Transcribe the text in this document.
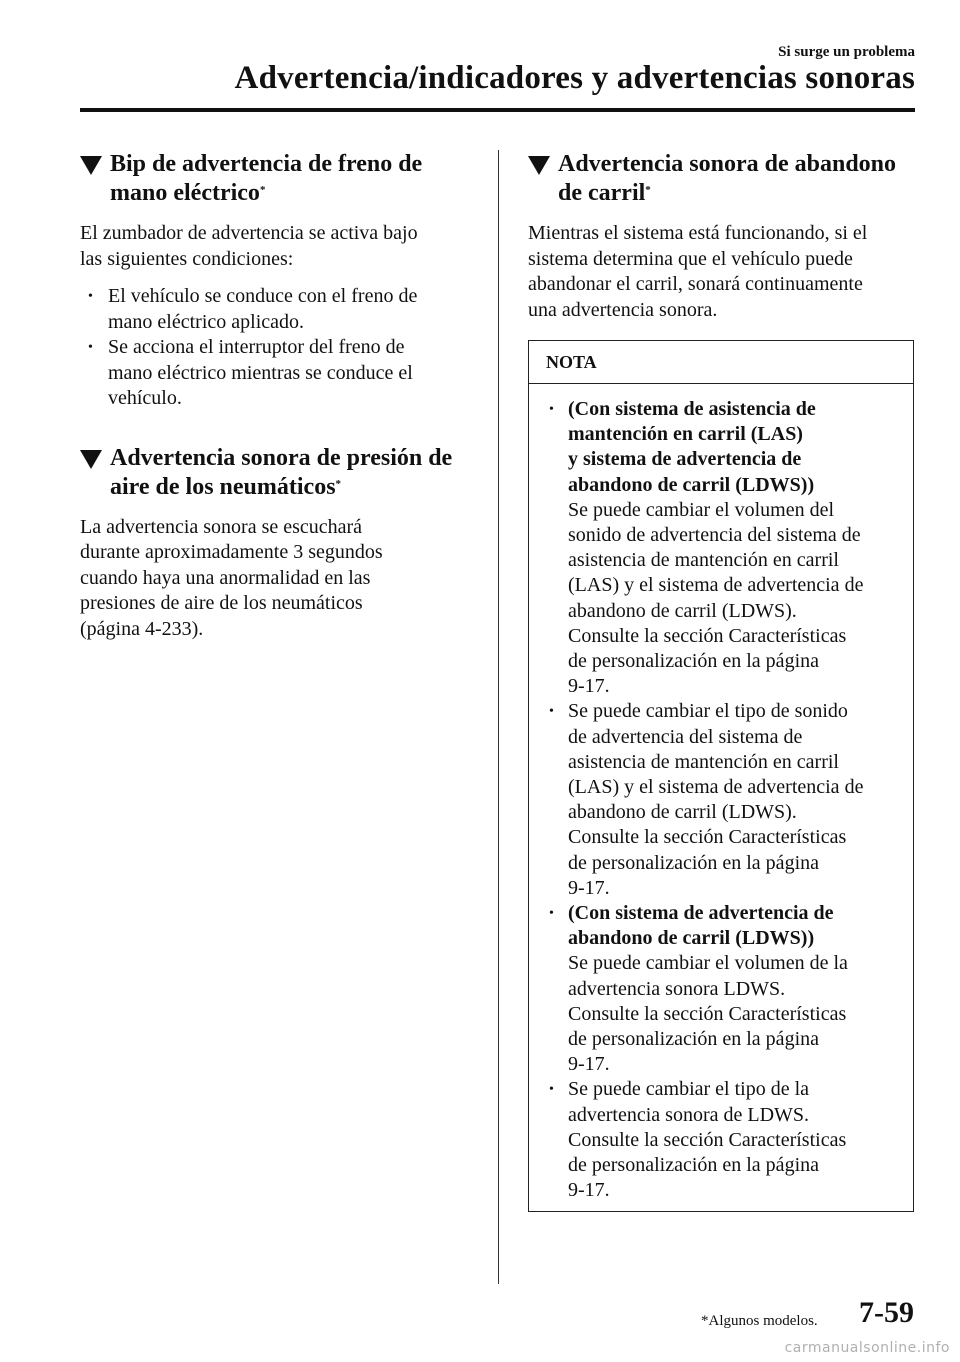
Si surge un problema
Advertencia/indicadores y advertencias sonoras
Bip de advertencia de freno de
mano eléctrico*
El zumbador de advertencia se activa bajo
las siguientes condiciones:
• El vehículo se conduce con el freno de
mano eléctrico aplicado.
• Se acciona el interruptor del freno de
mano eléctrico mientras se conduce el
vehículo.
Advertencia sonora de presión de
aire de los neumáticos*
La advertencia sonora se escuchará
durante aproximadamente 3 segundos
cuando haya una anormalidad en las
presiones de aire de los neumáticos
(página 4-233).
Advertencia sonora de abandono
de carril*
Mientras el sistema está funcionando, si el
sistema determina que el vehículo puede
abandonar el carril, sonará continuamente
una advertencia sonora.
NOTA
• (Con sistema de asistencia de
mantención en carril (LAS)
y sistema de advertencia de
abandono de carril (LDWS))
Se puede cambiar el volumen del
sonido de advertencia del sistema de
asistencia de mantención en carril
(LAS) y el sistema de advertencia de
abandono de carril (LDWS).
Consulte la sección Características
de personalización en la página
9-17.
• Se puede cambiar el tipo de sonido
de advertencia del sistema de
asistencia de mantención en carril
(LAS) y el sistema de advertencia de
abandono de carril (LDWS).
Consulte la sección Características
de personalización en la página
9-17.
• (Con sistema de advertencia de
abandono de carril (LDWS))
Se puede cambiar el volumen de la
advertencia sonora LDWS.
Consulte la sección Características
de personalización en la página
9-17.
• Se puede cambiar el tipo de la
advertencia sonora de LDWS.
Consulte la sección Características
de personalización en la página
9-17.
*Algunos modelos. 7-59
carmanualsonline.info
